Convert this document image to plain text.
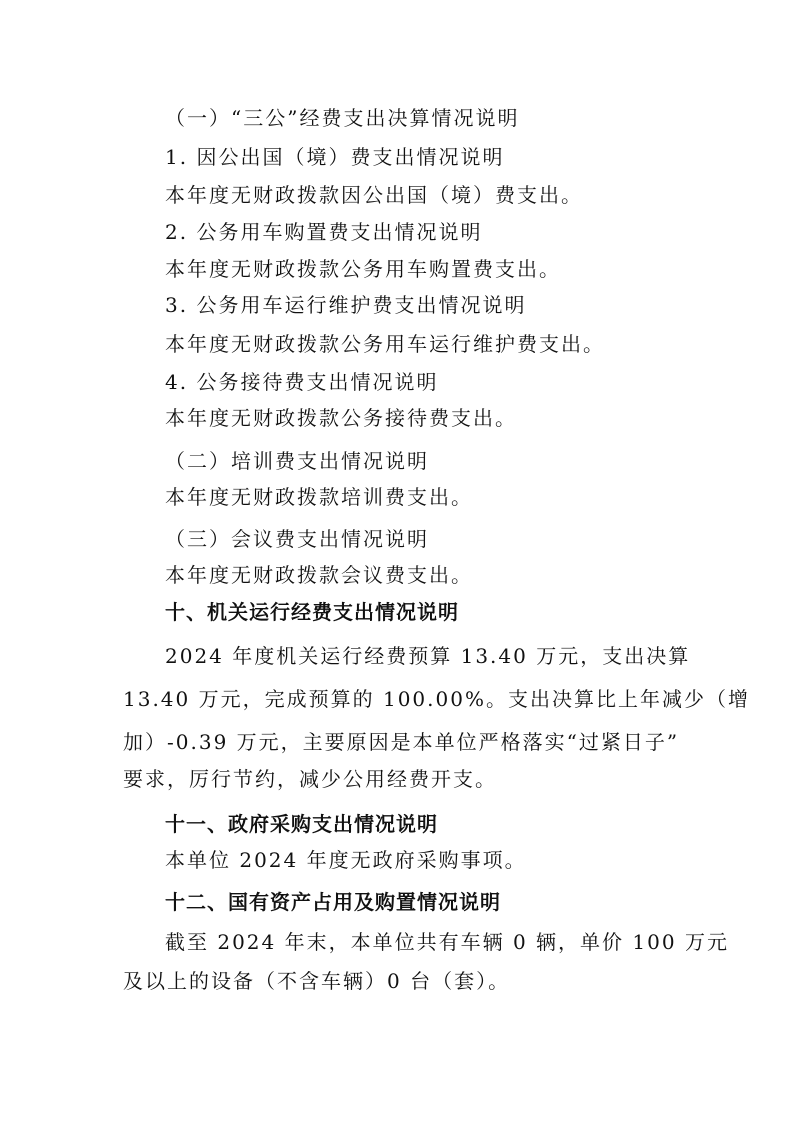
（一）“三公”经费支出决算情况说明
1. 因公出国（境）费支出情况说明
本年度无财政拨款因公出国（境）费支出。
2. 公务用车购置费支出情况说明
本年度无财政拨款公务用车购置费支出。
3. 公务用车运行维护费支出情况说明
本年度无财政拨款公务用车运行维护费支出。
4. 公务接待费支出情况说明
本年度无财政拨款公务接待费支出。
（二）培训费支出情况说明
本年度无财政拨款培训费支出。
（三）会议费支出情况说明
本年度无财政拨款会议费支出。
十、机关运行经费支出情况说明
2024 年度机关运行经费预算 13.40 万元，支出决算
13.40 万元，完成预算的 100.00%。支出决算比上年减少（增
加）-0.39 万元，主要原因是本单位严格落实“过紧日子”
要求，厉行节约，减少公用经费开支。
十一、政府采购支出情况说明
本单位 2024 年度无政府采购事项。
十二、国有资产占用及购置情况说明
截至 2024 年末，本单位共有车辆 0 辆，单价 100 万元
及以上的设备（不含车辆）0 台（套）。
